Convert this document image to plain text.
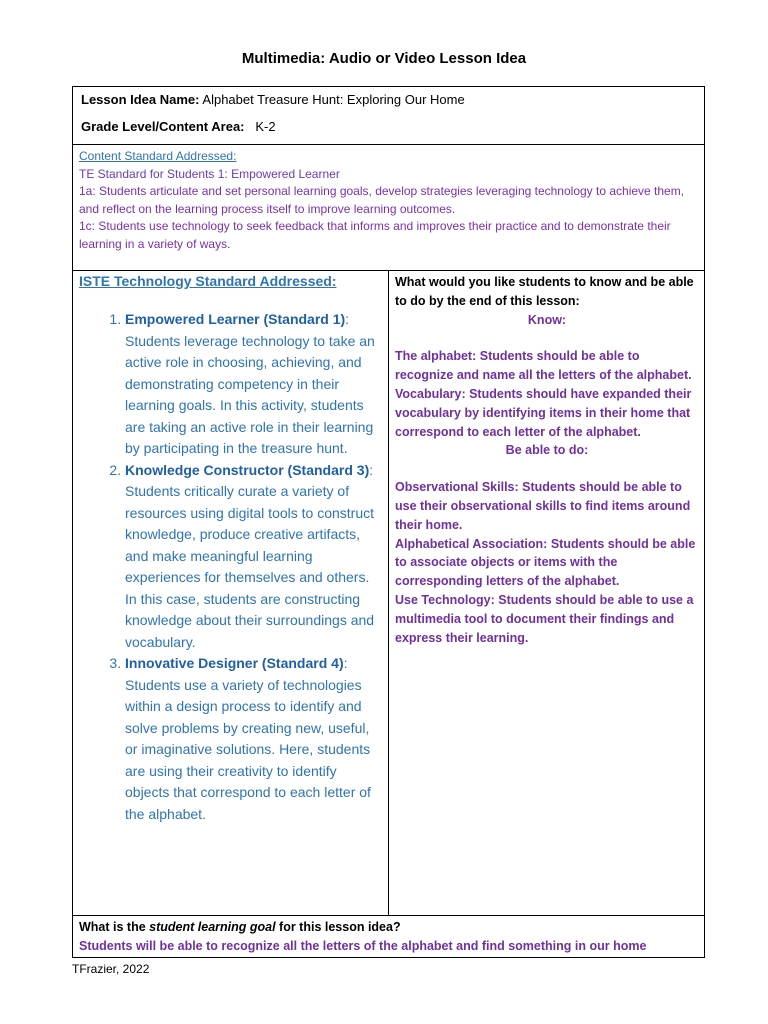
Multimedia: Audio or Video Lesson Idea
Lesson Idea Name: Alphabet Treasure Hunt: Exploring Our Home
Grade Level/Content Area: K-2
Content Standard Addressed:
TE Standard for Students 1: Empowered Learner
1a: Students articulate and set personal learning goals, develop strategies leveraging technology to achieve them, and reflect on the learning process itself to improve learning outcomes.
1c: Students use technology to seek feedback that informs and improves their practice and to demonstrate their learning in a variety of ways.
ISTE Technology Standard Addressed:
1. Empowered Learner (Standard 1): Students leverage technology to take an active role in choosing, achieving, and demonstrating competency in their learning goals. In this activity, students are taking an active role in their learning by participating in the treasure hunt.
2. Knowledge Constructor (Standard 3): Students critically curate a variety of resources using digital tools to construct knowledge, produce creative artifacts, and make meaningful learning experiences for themselves and others. In this case, students are constructing knowledge about their surroundings and vocabulary.
3. Innovative Designer (Standard 4): Students use a variety of technologies within a design process to identify and solve problems by creating new, useful, or imaginative solutions. Here, students are using their creativity to identify objects that correspond to each letter of the alphabet.
What would you like students to know and be able to do by the end of this lesson:
Know:
The alphabet: Students should be able to recognize and name all the letters of the alphabet.
Vocabulary: Students should have expanded their vocabulary by identifying items in their home that correspond to each letter of the alphabet.
Be able to do:
Observational Skills: Students should be able to use their observational skills to find items around their home.
Alphabetical Association: Students should be able to associate objects or items with the corresponding letters of the alphabet.
Use Technology: Students should be able to use a multimedia tool to document their findings and express their learning.
What is the student learning goal for this lesson idea?
Students will be able to recognize all the letters of the alphabet and find something in our home
TFrazier, 2022
